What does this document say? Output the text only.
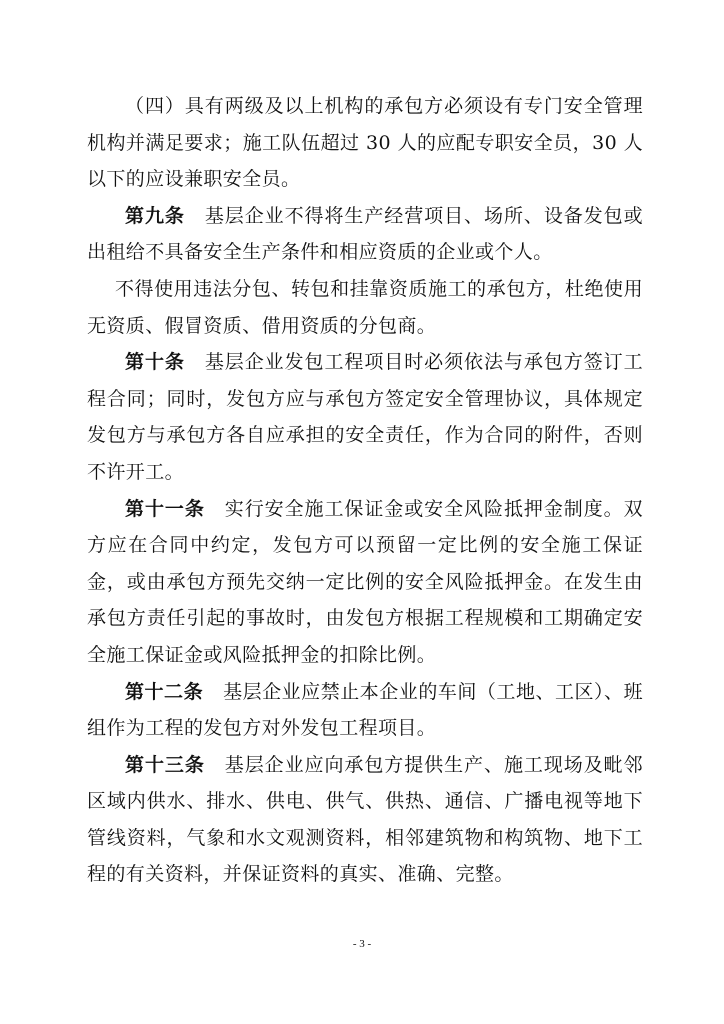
（四）具有两级及以上机构的承包方必须设有专门安全管理机构并满足要求；施工队伍超过 30 人的应配专职安全员，30 人以下的应设兼职安全员。

第九条 基层企业不得将生产经营项目、场所、设备发包或出租给不具备安全生产条件和相应资质的企业或个人。

不得使用违法分包、转包和挂靠资质施工的承包方，杜绝使用无资质、假冒资质、借用资质的分包商。

第十条 基层企业发包工程项目时必须依法与承包方签订工程合同；同时，发包方应与承包方签定安全管理协议，具体规定发包方与承包方各自应承担的安全责任，作为合同的附件，否则不许开工。

第十一条 实行安全施工保证金或安全风险抵押金制度。双方应在合同中约定，发包方可以预留一定比例的安全施工保证金，或由承包方预先交纳一定比例的安全风险抵押金。在发生由承包方责任引起的事故时，由发包方根据工程规模和工期确定安全施工保证金或风险抵押金的扣除比例。

第十二条 基层企业应禁止本企业的车间（工地、工区）、班组作为工程的发包方对外发包工程项目。

第十三条 基层企业应向承包方提供生产、施工现场及毗邻区域内供水、排水、供电、供气、供热、通信、广播电视等地下管线资料，气象和水文观测资料，相邻建筑物和构筑物、地下工程的有关资料，并保证资料的真实、准确、完整。

- 3 -
